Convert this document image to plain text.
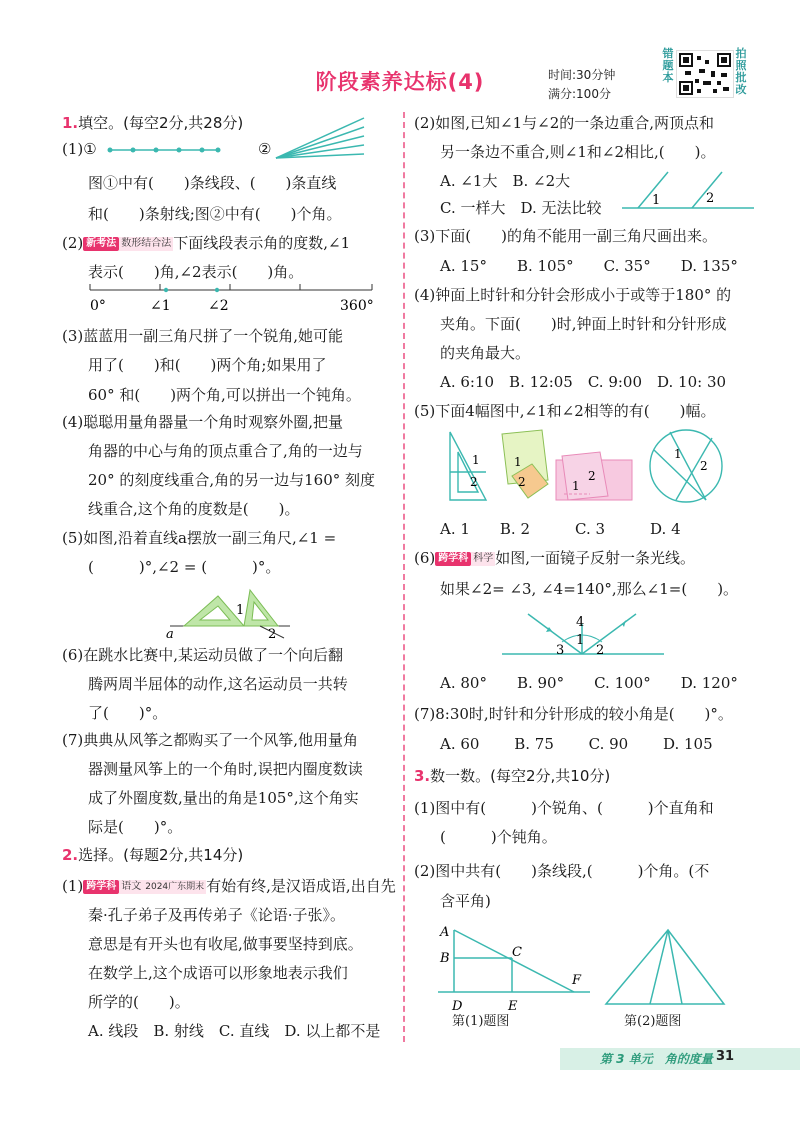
阶段素养达标(4)	时间:30分钟
满分:100分
错题本
拍照批改
1.填空。(每空2分,共28分)
(1)①	②
图①中有(　　)条线段、(　　)条直线
和(　　)条射线;图②中有(　　)个角。
(2) 新考法 数形结合法 下面线段表示角的度数,∠1
表示(　　)角,∠2表示(　　)角。
0°	∠1	∠2	360°
(3)蓝蓝用一副三角尺拼了一个锐角,她可能
用了(　　)和(　　)两个角;如果用了
60° 和(　　)两个角,可以拼出一个钝角。
(4)聪聪用量角器量一个角时观察外圈,把量
角器的中心与角的顶点重合了,角的一边与
20° 的刻度线重合,角的另一边与160° 刻度
线重合,这个角的度数是(　　)。
(5)如图,沿着直线a摆放一副三角尺,∠1 =
(　　　)°,∠2 = (　　　)°。
a
1
2
(6)在跳水比赛中,某运动员做了一个向后翻
腾两周半屈体的动作,这名运动员一共转
了(　　)°。
(7)典典从风筝之都购买了一个风筝,他用量角
器测量风筝上的一个角时,误把内圈度数读
成了外圈度数,量出的角是105°,这个角实
际是(　　)°。
2.选择。(每题2分,共14分)
(1) 跨学科 语文 2024广东期末 有始有终,是汉语成语,出自先
秦·孔子弟子及再传弟子《论语·子张》。
意思是有开头也有收尾,做事要坚持到底。
在数学上,这个成语可以形象地表示我们
所学的(　　)。
A. 线段　B. 射线　C. 直线　D. 以上都不是
(2)如图,已知∠1与∠2的一条边重合,两顶点和
另一条边不重合,则∠1和∠2相比,(　　)。
A. ∠1大　B. ∠2大
C. 一样大　D. 无法比较	1	2
(3)下面(　　)的角不能用一副三角尺画出来。
A. 15°　　B. 105°　　C. 35°　　D. 135°
(4)钟面上时针和分针会形成小于或等于180° 的
夹角。下面(　　)时,钟面上时针和分针形成
的夹角最大。
A. 6:10　B. 12:05　C. 9:00　D. 10: 30
(5)下面4幅图中,∠1和∠2相等的有(　　)幅。
1
2
1
2	1
2
1
2
A. 1　　B. 2　　　C. 3　　　D. 4
(6) 跨学科 科学 如图,一面镜子反射一条光线。
如果∠2= ∠3, ∠4=140°,那么∠1=(　　)。
4
1
3 2
A. 80°　　B. 90°　　C. 100°　　D. 120°
(7)8:30时,时针和分针形成的较小角是(　　)°。
A. 60　　 B. 75　　 C. 90　　 D. 105
3.数一数。(每空2分,共10分)
(1)图中有(　　　)个锐角、(　　　)个直角和
(　　　)个钝角。
(2)图中共有(　　)条线段,(　　　)个角。(不
含平角)
A
B	C
D	E
F
第(1)题图	第(2)题图
第 3 单元　角的度量 31
